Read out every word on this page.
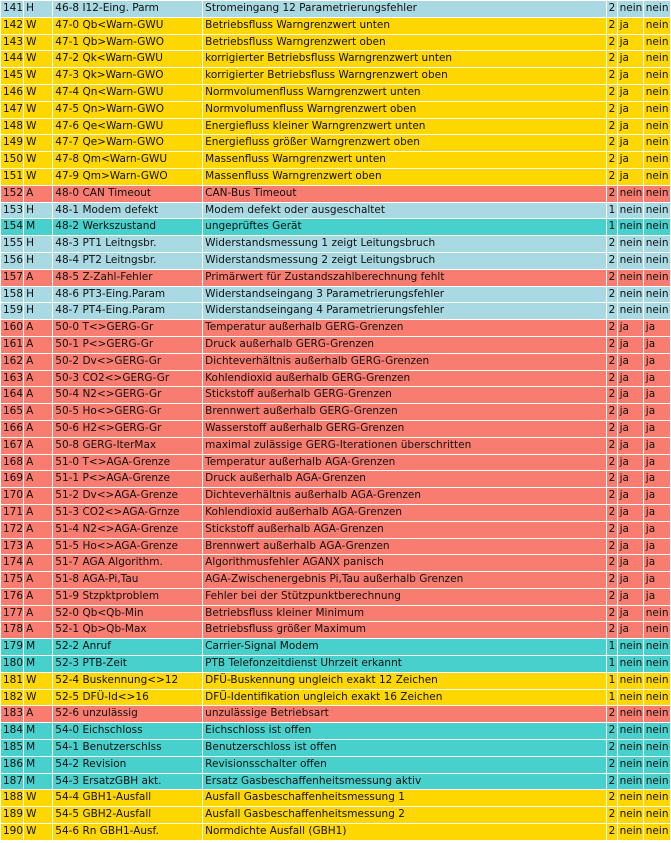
141	H	46-8 I12-Eing. Parm	Stromeingang 12 Parametrierungsfehler	2	nein	nein
142	W	47-0 Qb<Warn-GWU	Betriebsfluss Warngrenzwert unten	2	ja	nein
143	W	47-1 Qb>Warn-GWO	Betriebsfluss Warngrenzwert oben	2	ja	nein
144	W	47-2 Qk<Warn-GWU	korrigierter Betriebsfluss Warngrenzwert unten	2	ja	nein
145	W	47-3 Qk>Warn-GWO	korrigierter Betriebsfluss Warngrenzwert oben	2	ja	nein
146	W	47-4 Qn<Warn-GWU	Normvolumenfluss Warngrenzwert unten	2	ja	nein
147	W	47-5 Qn>Warn-GWO	Normvolumenfluss Warngrenzwert oben	2	ja	nein
148	W	47-6 Qe<Warn-GWU	Energiefluss kleiner Warngrenzwert unten	2	ja	nein
149	W	47-7 Qe>Warn-GWO	Energiefluss größer Warngrenzwert oben	2	ja	nein
150	W	47-8 Qm<Warn-GWU	Massenfluss Warngrenzwert unten	2	ja	nein
151	W	47-9 Qm>Warn-GWO	Massenfluss Warngrenzwert oben	2	ja	nein
152	A	48-0 CAN Timeout	CAN-Bus Timeout	2	nein	nein
153	H	48-1 Modem defekt	Modem defekt oder ausgeschaltet	1	nein	nein
154	M	48-2 Werkszustand	ungeprüftes Gerät	1	nein	nein
155	H	48-3 PT1 Leitngsbr.	Widerstandsmessung 1 zeigt Leitungsbruch	2	nein	nein
156	H	48-4 PT2 Leitngsbr.	Widerstandsmessung 2 zeigt Leitungsbruch	2	nein	nein
157	A	48-5 Z-Zahl-Fehler	Primärwert für Zustandszahlberechnung fehlt	2	nein	nein
158	H	48-6 PT3-Eing.Param	Widerstandseingang 3 Parametrierungsfehler	2	nein	nein
159	H	48-7 PT4-Eing.Param	Widerstandseingang 4 Parametrierungsfehler	2	nein	nein
160	A	50-0 T<>GERG-Gr	Temperatur außerhalb GERG-Grenzen	2	ja	ja
161	A	50-1 P<>GERG-Gr	Druck außerhalb GERG-Grenzen	2	ja	ja
162	A	50-2 Dv<>GERG-Gr	Dichteverhältnis außerhalb GERG-Grenzen	2	ja	ja
163	A	50-3 CO2<>GERG-Gr	Kohlendioxid außerhalb GERG-Grenzen	2	ja	ja
164	A	50-4 N2<>GERG-Gr	Stickstoff außerhalb GERG-Grenzen	2	ja	ja
165	A	50-5 Ho<>GERG-Gr	Brennwert außerhalb GERG-Grenzen	2	ja	ja
166	A	50-6 H2<>GERG-Gr	Wasserstoff außerhalb GERG-Grenzen	2	ja	ja
167	A	50-8 GERG-IterMax	maximal zulässige GERG-Iterationen überschritten	2	ja	ja
168	A	51-0 T<>AGA-Grenze	Temperatur außerhalb AGA-Grenzen	2	ja	ja
169	A	51-1 P<>AGA-Grenze	Druck außerhalb AGA-Grenzen	2	ja	ja
170	A	51-2 Dv<>AGA-Grenze	Dichteverhältnis außerhalb AGA-Grenzen	2	ja	ja
171	A	51-3 CO2<>AGA-Grnze	Kohlendioxid außerhalb AGA-Grenzen	2	ja	ja
172	A	51-4 N2<>AGA-Grenze	Stickstoff außerhalb AGA-Grenzen	2	ja	ja
173	A	51-5 Ho<>AGA-Grenze	Brennwert außerhalb AGA-Grenzen	2	ja	ja
174	A	51-7 AGA Algorithm.	Algorithmusfehler AGANX panisch	2	ja	ja
175	A	51-8 AGA-Pi,Tau	AGA-Zwischenergebnis Pi,Tau außerhalb Grenzen	2	ja	ja
176	A	51-9 Stzpktproblem	Fehler bei der Stützpunktberechnung	2	ja	ja
177	A	52-0 Qb<Qb-Min	Betriebsfluss kleiner Minimum	2	ja	nein
178	A	52-1 Qb>Qb-Max	Betriebsfluss größer Maximum	2	ja	nein
179	M	52-2 Anruf	Carrier-Signal Modem	1	nein	nein
180	M	52-3 PTB-Zeit	PTB Telefonzeitdienst Uhrzeit erkannt	1	nein	nein
181	W	52-4 Buskennung<>12	DFÜ-Buskennung ungleich exakt 12 Zeichen	1	nein	nein
182	W	52-5 DFÜ-Id<>16	DFÜ-Identifikation ungleich exakt 16 Zeichen	1	nein	nein
183	A	52-6 unzulässig	unzulässige Betriebsart	2	nein	nein
184	M	54-0 Eichschloss	Eichschloss ist offen	2	nein	nein
185	M	54-1 Benutzerschlss	Benutzerschloss ist offen	2	nein	nein
186	M	54-2 Revision	Revisionsschalter offen	2	nein	nein
187	M	54-3 ErsatzGBH akt.	Ersatz Gasbeschaffenheitsmessung aktiv	2	nein	nein
188	W	54-4 GBH1-Ausfall	Ausfall Gasbeschaffenheitsmessung 1	2	nein	nein
189	W	54-5 GBH2-Ausfall	Ausfall Gasbeschaffenheitsmessung 2	2	nein	nein
190	W	54-6 Rn GBH1-Ausf.	Normdichte Ausfall (GBH1)	2	nein	nein
